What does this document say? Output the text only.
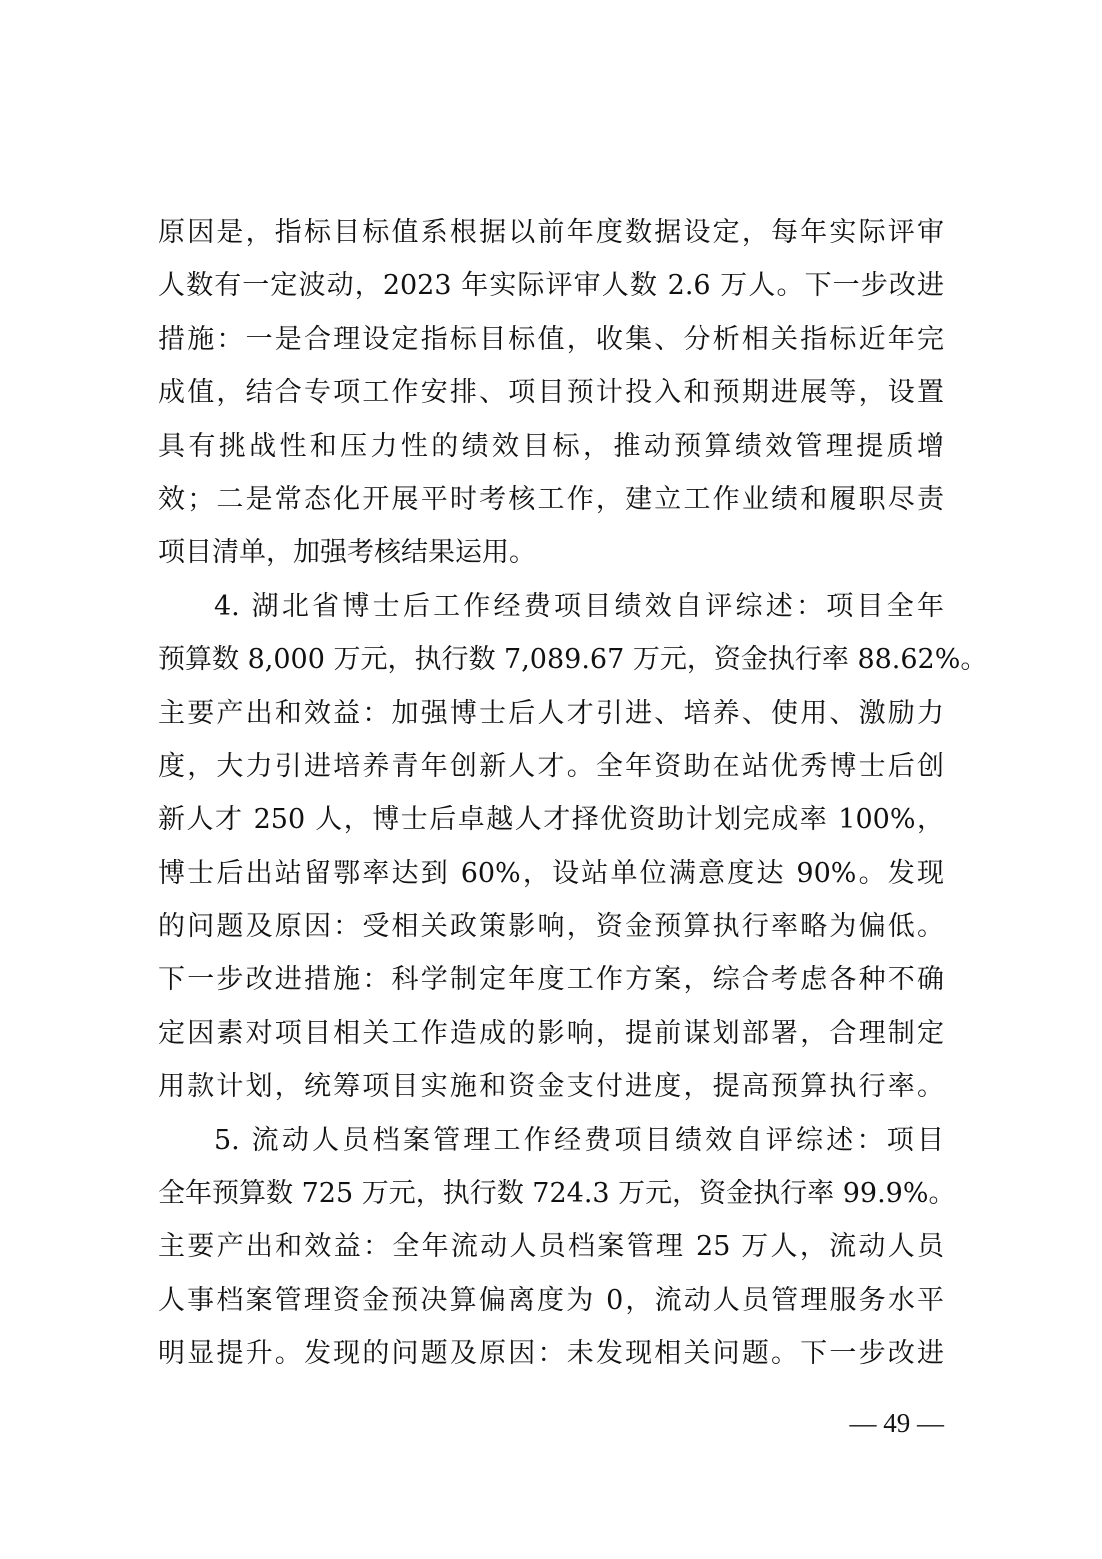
原因是，指标目标值系根据以前年度数据设定，每年实际评审
人数有一定波动，2023 年实际评审人数 2.6 万人。下一步改进
措施：一是合理设定指标目标值，收集、分析相关指标近年完
成值，结合专项工作安排、项目预计投入和预期进展等，设置
具有挑战性和压力性的绩效目标，推动预算绩效管理提质增
效；二是常态化开展平时考核工作，建立工作业绩和履职尽责
项目清单，加强考核结果运用。
4. 湖北省博士后工作经费项目绩效自评综述：项目全年
预算数 8,000 万元，执行数 7,089.67 万元，资金执行率 88.62%。
主要产出和效益：加强博士后人才引进、培养、使用、激励力
度，大力引进培养青年创新人才。全年资助在站优秀博士后创
新人才 250 人，博士后卓越人才择优资助计划完成率 100%，
博士后出站留鄂率达到 60%，设站单位满意度达 90%。发现
的问题及原因：受相关政策影响，资金预算执行率略为偏低。
下一步改进措施：科学制定年度工作方案，综合考虑各种不确
定因素对项目相关工作造成的影响，提前谋划部署，合理制定
用款计划，统筹项目实施和资金支付进度，提高预算执行率。
5. 流动人员档案管理工作经费项目绩效自评综述：项目
全年预算数 725 万元，执行数 724.3 万元，资金执行率 99.9%。
主要产出和效益：全年流动人员档案管理 25 万人，流动人员
人事档案管理资金预决算偏离度为 0，流动人员管理服务水平
明显提升。发现的问题及原因：未发现相关问题。下一步改进
— 49 —
